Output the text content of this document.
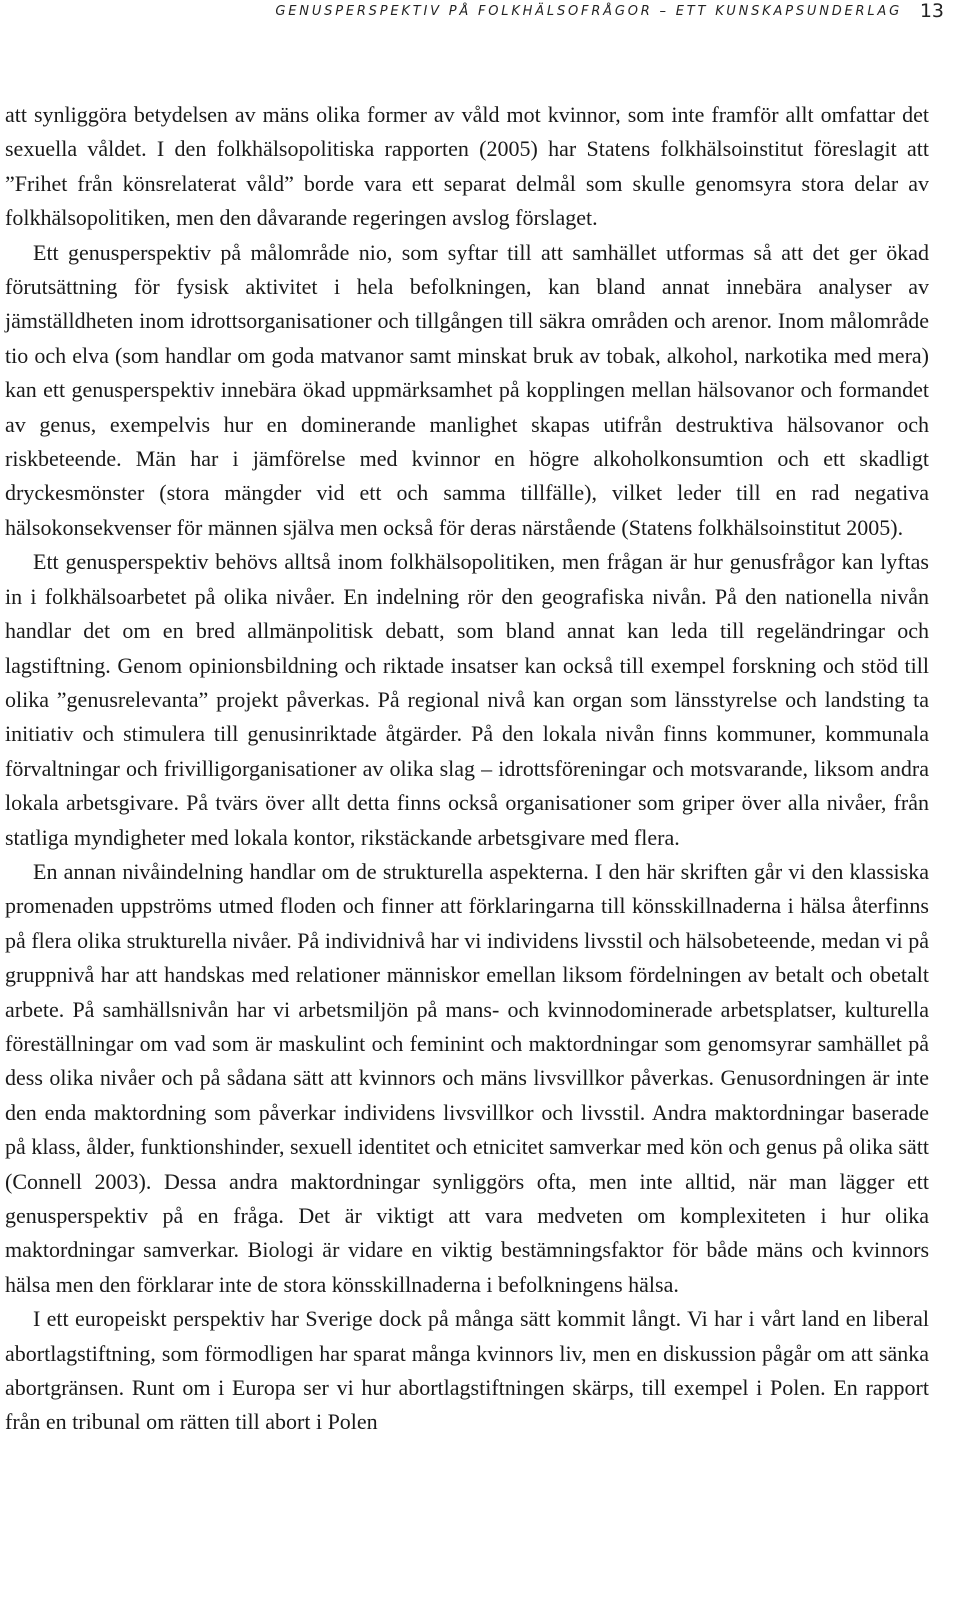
GENUSPERSPEKTIV PÅ FOLKHÄLSOFRÅGOR – ETT KUNSKAPSUNDERLAG 13

att synliggöra betydelsen av mäns olika former av våld mot kvinnor, som inte framför allt omfattar det sexuella våldet. I den folkhälsopolitiska rapporten (2005) har Statens folkhälsoinstitut föreslagit att ”Frihet från könsrelaterat våld” borde vara ett separat delmål som skulle genomsyra stora delar av folkhälsopolitiken, men den dåvarande regeringen avslog förslaget.

Ett genusperspektiv på målområde nio, som syftar till att samhället utformas så att det ger ökad förutsättning för fysisk aktivitet i hela befolkningen, kan bland annat innebära analyser av jämställdheten inom idrottsorganisationer och tillgången till säkra områden och arenor. Inom målområde tio och elva (som handlar om goda matvanor samt minskat bruk av tobak, alkohol, narkotika med mera) kan ett genusperspektiv innebära ökad uppmärksamhet på kopplingen mellan hälsovanor och formandet av genus, exempelvis hur en dominerande manlighet skapas utifrån destruktiva hälsovanor och riskbeteende. Män har i jämförelse med kvinnor en högre alkoholkonsumtion och ett skadligt dryckesmönster (stora mängder vid ett och samma tillfälle), vilket leder till en rad negativa hälsokonsekvenser för männen själva men också för deras närstående (Statens folkhälsoinstitut 2005).

Ett genusperspektiv behövs alltså inom folkhälsopolitiken, men frågan är hur genusfrågor kan lyftas in i folkhälsoarbetet på olika nivåer. En indelning rör den geografiska nivån. På den nationella nivån handlar det om en bred allmänpolitisk debatt, som bland annat kan leda till regeländringar och lagstiftning. Genom opinionsbildning och riktade insatser kan också till exempel forskning och stöd till olika ”genusrelevanta” projekt påverkas. På regional nivå kan organ som länsstyrelse och landsting ta initiativ och stimulera till genusinriktade åtgärder. På den lokala nivån finns kommuner, kommunala förvaltningar och frivilligorganisationer av olika slag – idrottsföreningar och motsvarande, liksom andra lokala arbetsgivare. På tvärs över allt detta finns också organisationer som griper över alla nivåer, från statliga myndigheter med lokala kontor, rikstäckande arbetsgivare med flera.

En annan nivåindelning handlar om de strukturella aspekterna. I den här skriften går vi den klassiska promenaden uppströms utmed floden och finner att förklaringarna till könsskillnaderna i hälsa återfinns på flera olika strukturella nivåer. På individnivå har vi individens livsstil och hälsobeteende, medan vi på gruppnivå har att handskas med relationer människor emellan liksom fördelningen av betalt och obetalt arbete. På samhällsnivån har vi arbetsmiljön på mans- och kvinnodominerade arbetsplatser, kulturella föreställningar om vad som är maskulint och feminint och maktordningar som genomsyrar samhället på dess olika nivåer och på sådana sätt att kvinnors och mäns livsvillkor påverkas. Genusordningen är inte den enda maktordning som påverkar individens livsvillkor och livsstil. Andra maktordningar baserade på klass, ålder, funktionshinder, sexuell identitet och etnicitet samverkar med kön och genus på olika sätt (Connell 2003). Dessa andra maktordningar synliggörs ofta, men inte alltid, när man lägger ett genusperspektiv på en fråga. Det är viktigt att vara medveten om komplexiteten i hur olika maktordningar samverkar. Biologi är vidare en viktig bestämningsfaktor för både mäns och kvinnors hälsa men den förklarar inte de stora könsskillnaderna i befolkningens hälsa.

I ett europeiskt perspektiv har Sverige dock på många sätt kommit långt. Vi har i vårt land en liberal abortlagstiftning, som förmodligen har sparat många kvinnors liv, men en diskussion pågår om att sänka abortgränsen. Runt om i Europa ser vi hur abortlagstiftningen skärps, till exempel i Polen. En rapport från en tribunal om rätten till abort i Polen
